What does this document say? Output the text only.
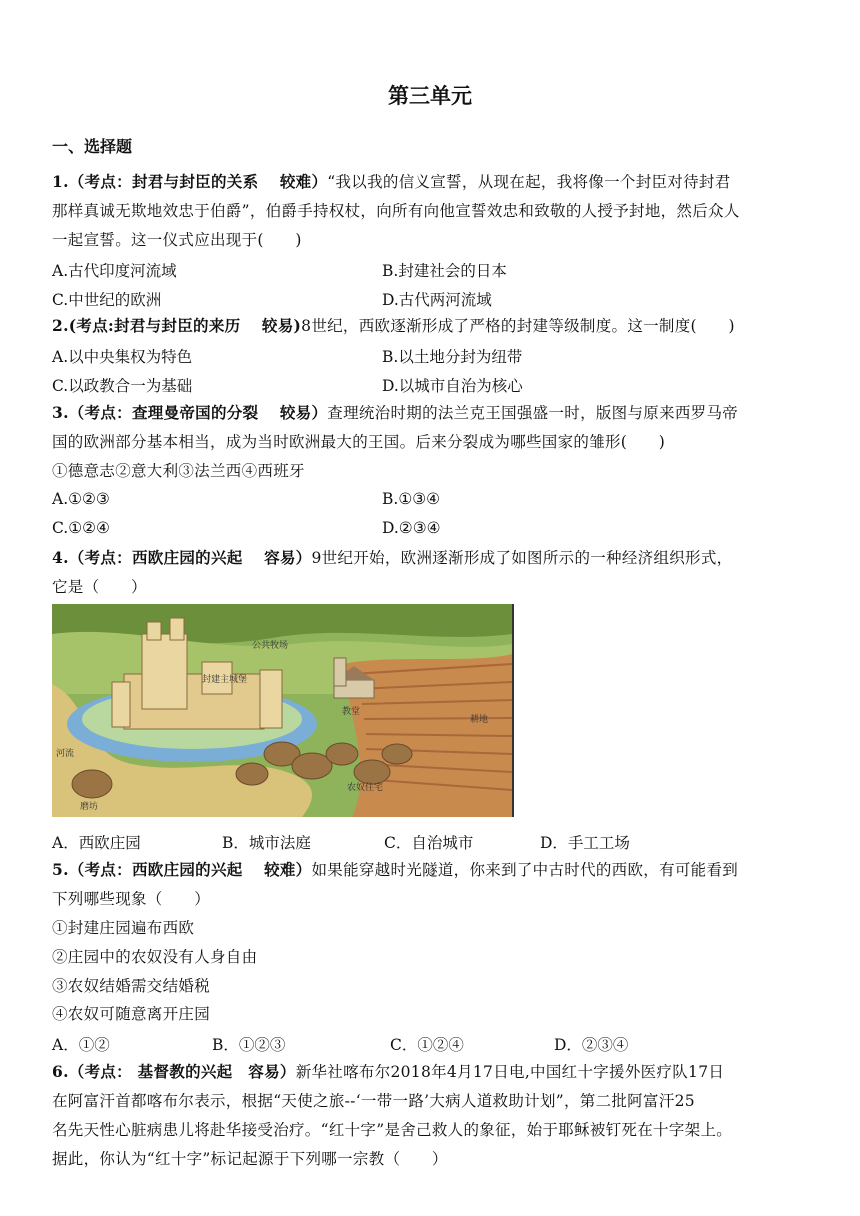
第三单元
一、选择题
1.（考点：封君与封臣的关系　 较难）“我以我的信义宣誓，从现在起，我将像一个封臣对待封君
那样真诚无欺地效忠于伯爵”，伯爵手持权杖，向所有向他宣誓效忠和致敬的人授予封地，然后众人
一起宣誓。这一仪式应出现于(　　)
A.古代印度河流域	B.封建社会的日本
C.中世纪的欧洲	D.古代两河流域
2.(考点:封君与封臣的来历　 较易)8世纪，西欧逐渐形成了严格的封建等级制度。这一制度(　　)
A.以中央集权为特色	B.以土地分封为纽带
C.以政教合一为基础	D.以城市自治为核心
3.（考点：查理曼帝国的分裂　 较易）查理统治时期的法兰克王国强盛一时，版图与原来西罗马帝
国的欧洲部分基本相当，成为当时欧洲最大的王国。后来分裂成为哪些国家的雏形(　　)
①德意志②意大利③法兰西④西班牙
A.①②③	B.①③④
C.①②④	D.②③④
4.（考点：西欧庄园的兴起　 容易）9世纪开始，欧洲逐渐形成了如图所示的一种经济组织形式，
它是（　　）
公共牧场
封建主城堡
教堂
耕地
农奴住宅
磨坊
河流
A．西欧庄园	B．城市法庭	C．自治城市	D．手工工场
5.（考点：西欧庄园的兴起　 较难）如果能穿越时光隧道，你来到了中古时代的西欧，有可能看到
下列哪些现象（　　）
①封建庄园遍布西欧
②庄园中的农奴没有人身自由
③农奴结婚需交结婚税
④农奴可随意离开庄园
A．①②	B．①②③	C．①②④	D．②③④
6.（考点： 基督教的兴起　容易）新华社喀布尔2018年4月17日电,中国红十字援外医疗队17日
在阿富汗首都喀布尔表示，根据“天使之旅--‘一带一路’大病人道救助计划”，第二批阿富汗25
名先天性心脏病患儿将赴华接受治疗。“红十字”是舍己救人的象征，始于耶稣被钉死在十字架上。
据此，你认为“红十字”标记起源于下列哪一宗教（　　）
